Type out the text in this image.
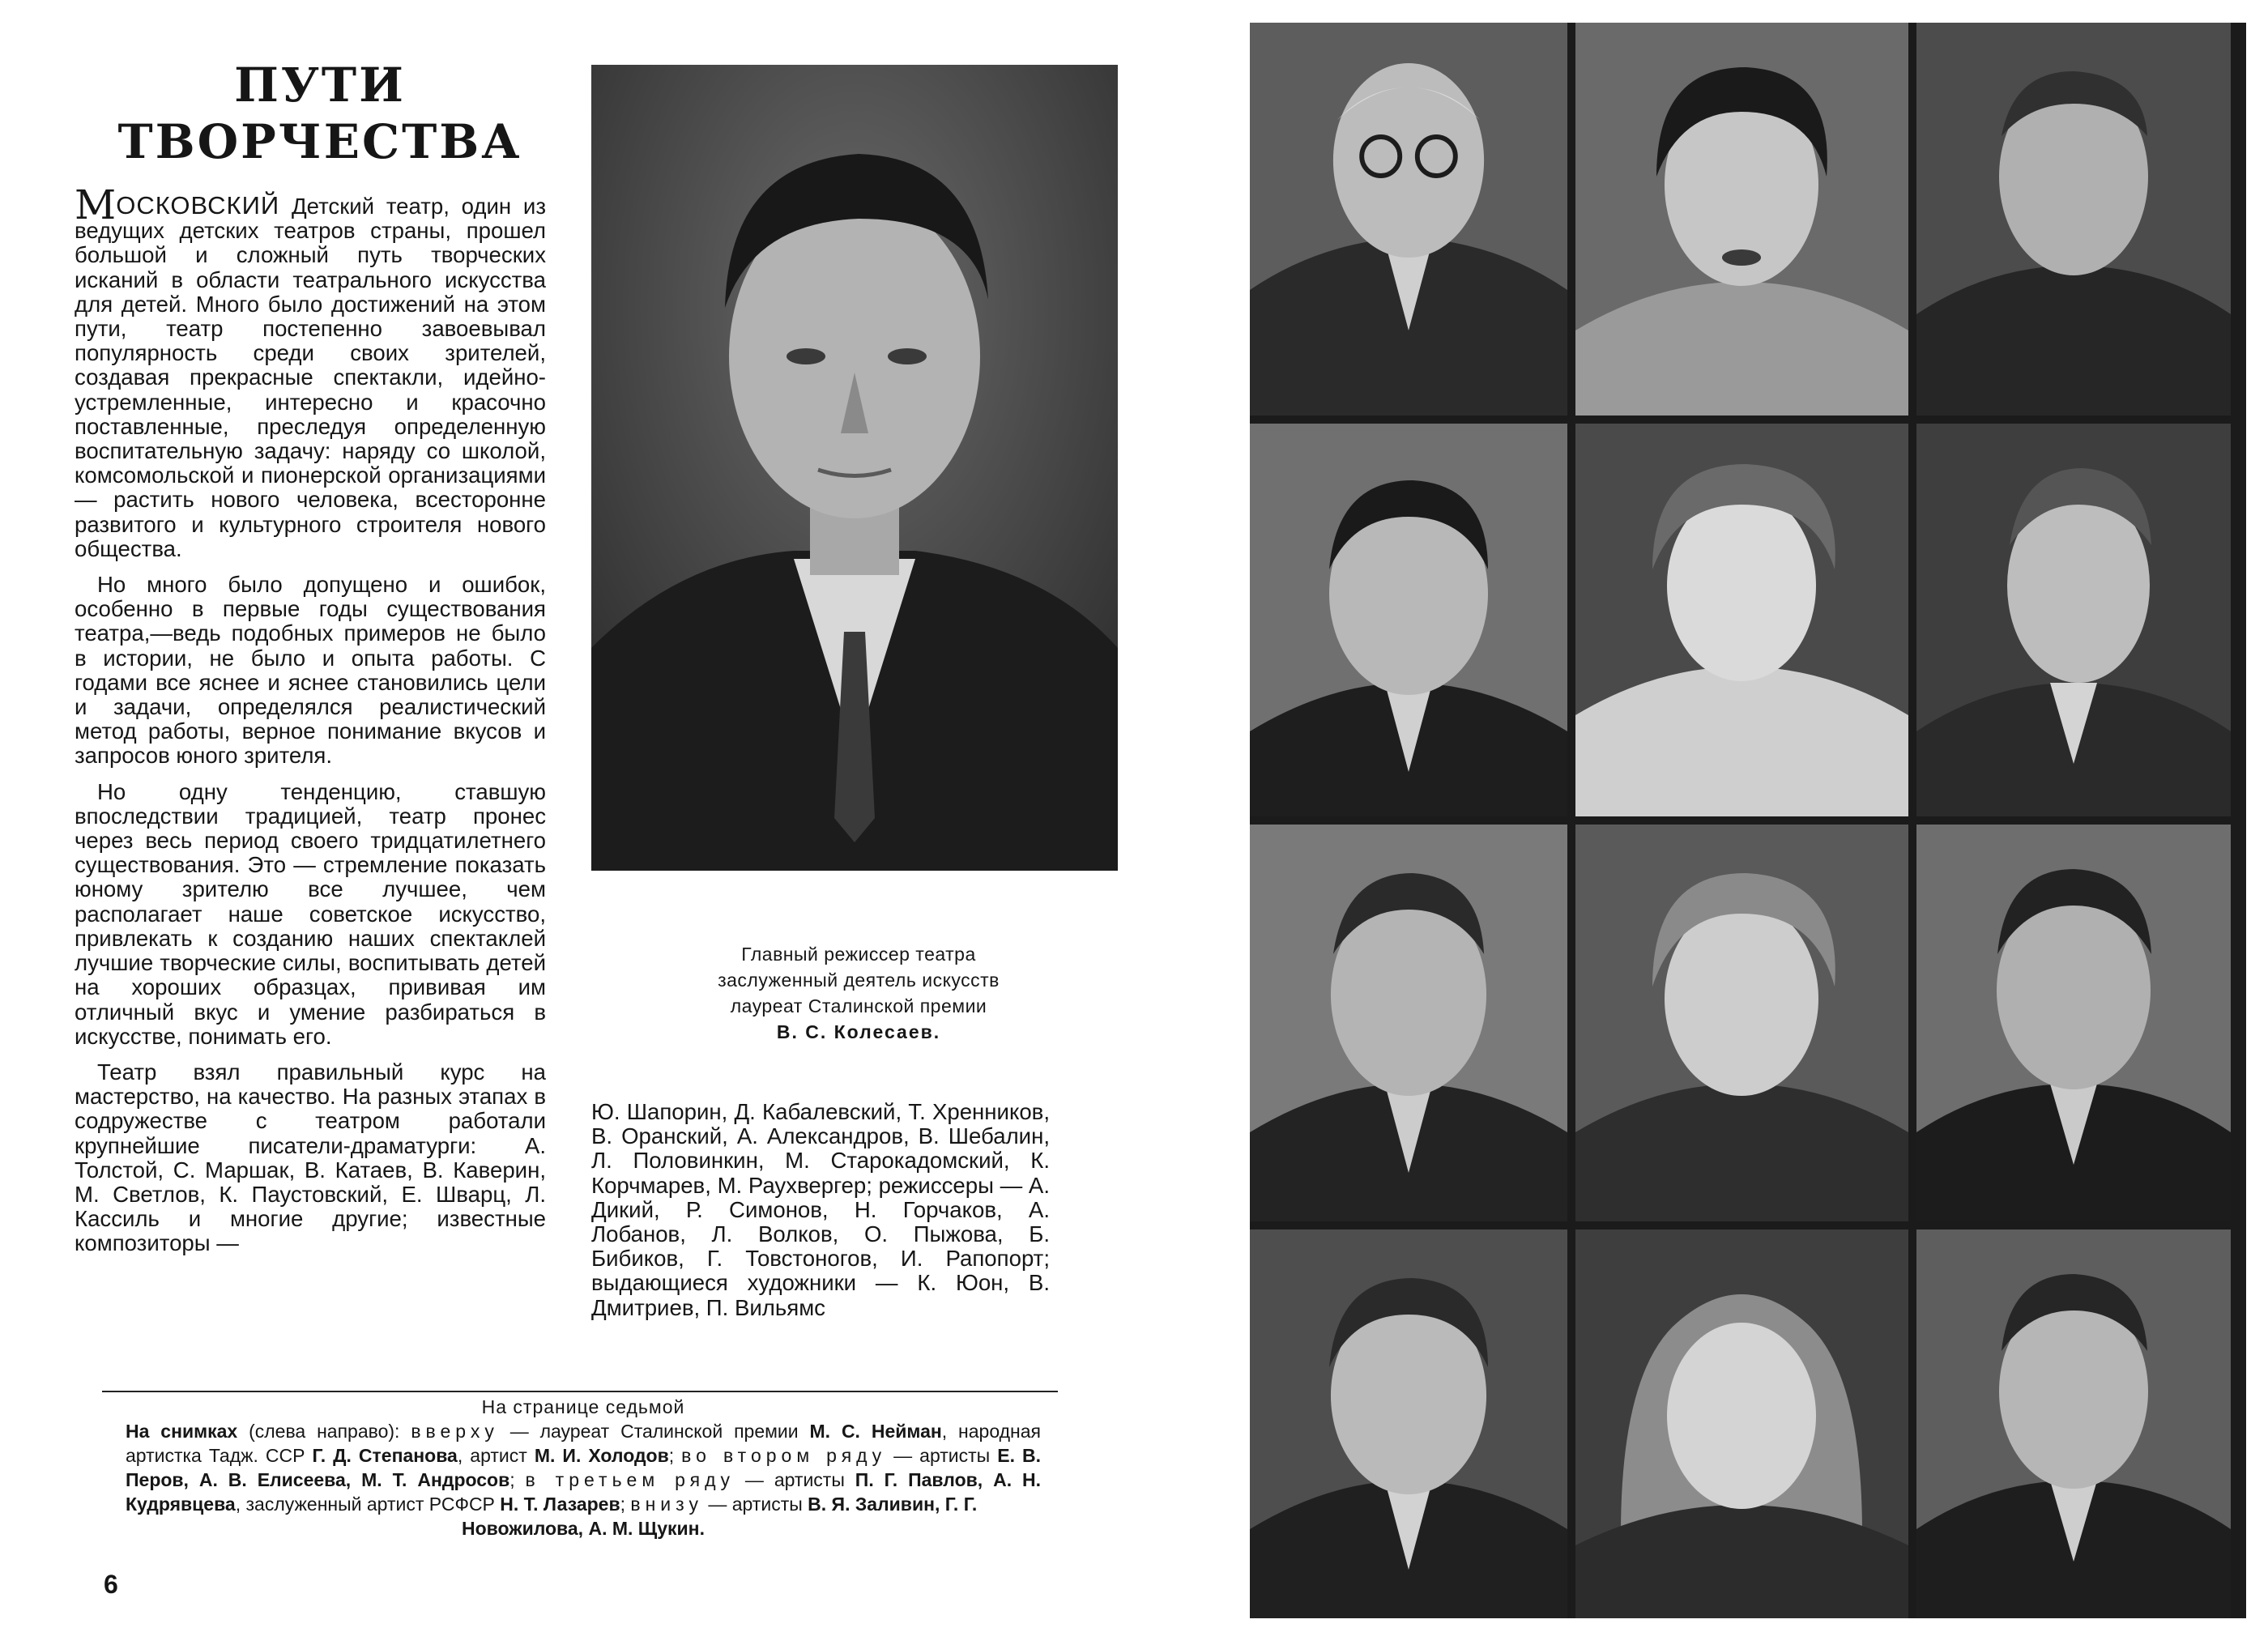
ПУТИ
ТВОРЧЕСТВА

МОСКОВСКИЙ Детский театр, один из ведущих детских театров страны, прошел большой и сложный путь творческих исканий в области театрального искусства для детей. Много было достижений на этом пути, театр постепенно завоевывал популярность среди своих зрителей, создавая прекрасные спектакли, идейно-устремленные, интересно и красочно поставленные, преследуя определенную воспитательную задачу: наряду со школой, комсомольской и пионерской организациями — растить нового человека, всесторонне развитого и культурного строителя нового общества.

Но много было допущено и ошибок, особенно в первые годы существования театра,—ведь подобных примеров не было в истории, не было и опыта работы. С годами все яснее и яснее становились цели и задачи, определялся реалистический метод работы, верное понимание вкусов и запросов юного зрителя.

Но одну тенденцию, ставшую впоследствии традицией, театр пронес через весь период своего тридцатилетнего существования. Это — стремление показать юному зрителю все лучшее, чем располагает наше советское искусство, привлекать к созданию наших спектаклей лучшие творческие силы, воспитывать детей на хороших образцах, прививая им отличный вкус и умение разбираться в искусстве, понимать его.

Театр взял правильный курс на мастерство, на качество. На разных этапах в содружестве с театром работали крупнейшие писатели-драматурги: А. Толстой, С. Маршак, В. Катаев, В. Каверин, М. Светлов, К. Паустовский, Е. Шварц, Л. Кассиль и многие другие; известные композиторы —

Главный режиссер театра
заслуженный деятель искусств
лауреат Сталинской премии
В. С. Колесаев.

Ю. Шапорин, Д. Кабалевский, Т. Хренников, В. Оранский, А. Александров, В. Шебалин, Л. Половинкин, М. Старокадомский, К. Корчмарев, М. Раухвергер; режиссеры — А. Дикий, Р. Симонов, Н. Горчаков, А. Лобанов, Л. Волков, О. Пыжова, Б. Бибиков, Г. Товстоногов, И. Рапопорт; выдающиеся художники — К. Юон, В. Дмитриев, П. Вильямс

На странице седьмой

На снимках (слева направо): вверху — лауреат Сталинской премии М. С. Нейман, народная артистка Тадж. ССР Г. Д. Степанова, артист М. И. Холодов; во втором ряду — артисты Е. В. Перов, А. В. Елисеева, М. Т. Андросов; в третьем ряду — артисты П. Г. Павлов, А. Н. Кудрявцева, заслуженный артист РСФСР Н. Т. Лазарев; внизу — артисты В. Я. Заливин, Г. Г.

Новожилова, А. М. Щукин.

6
